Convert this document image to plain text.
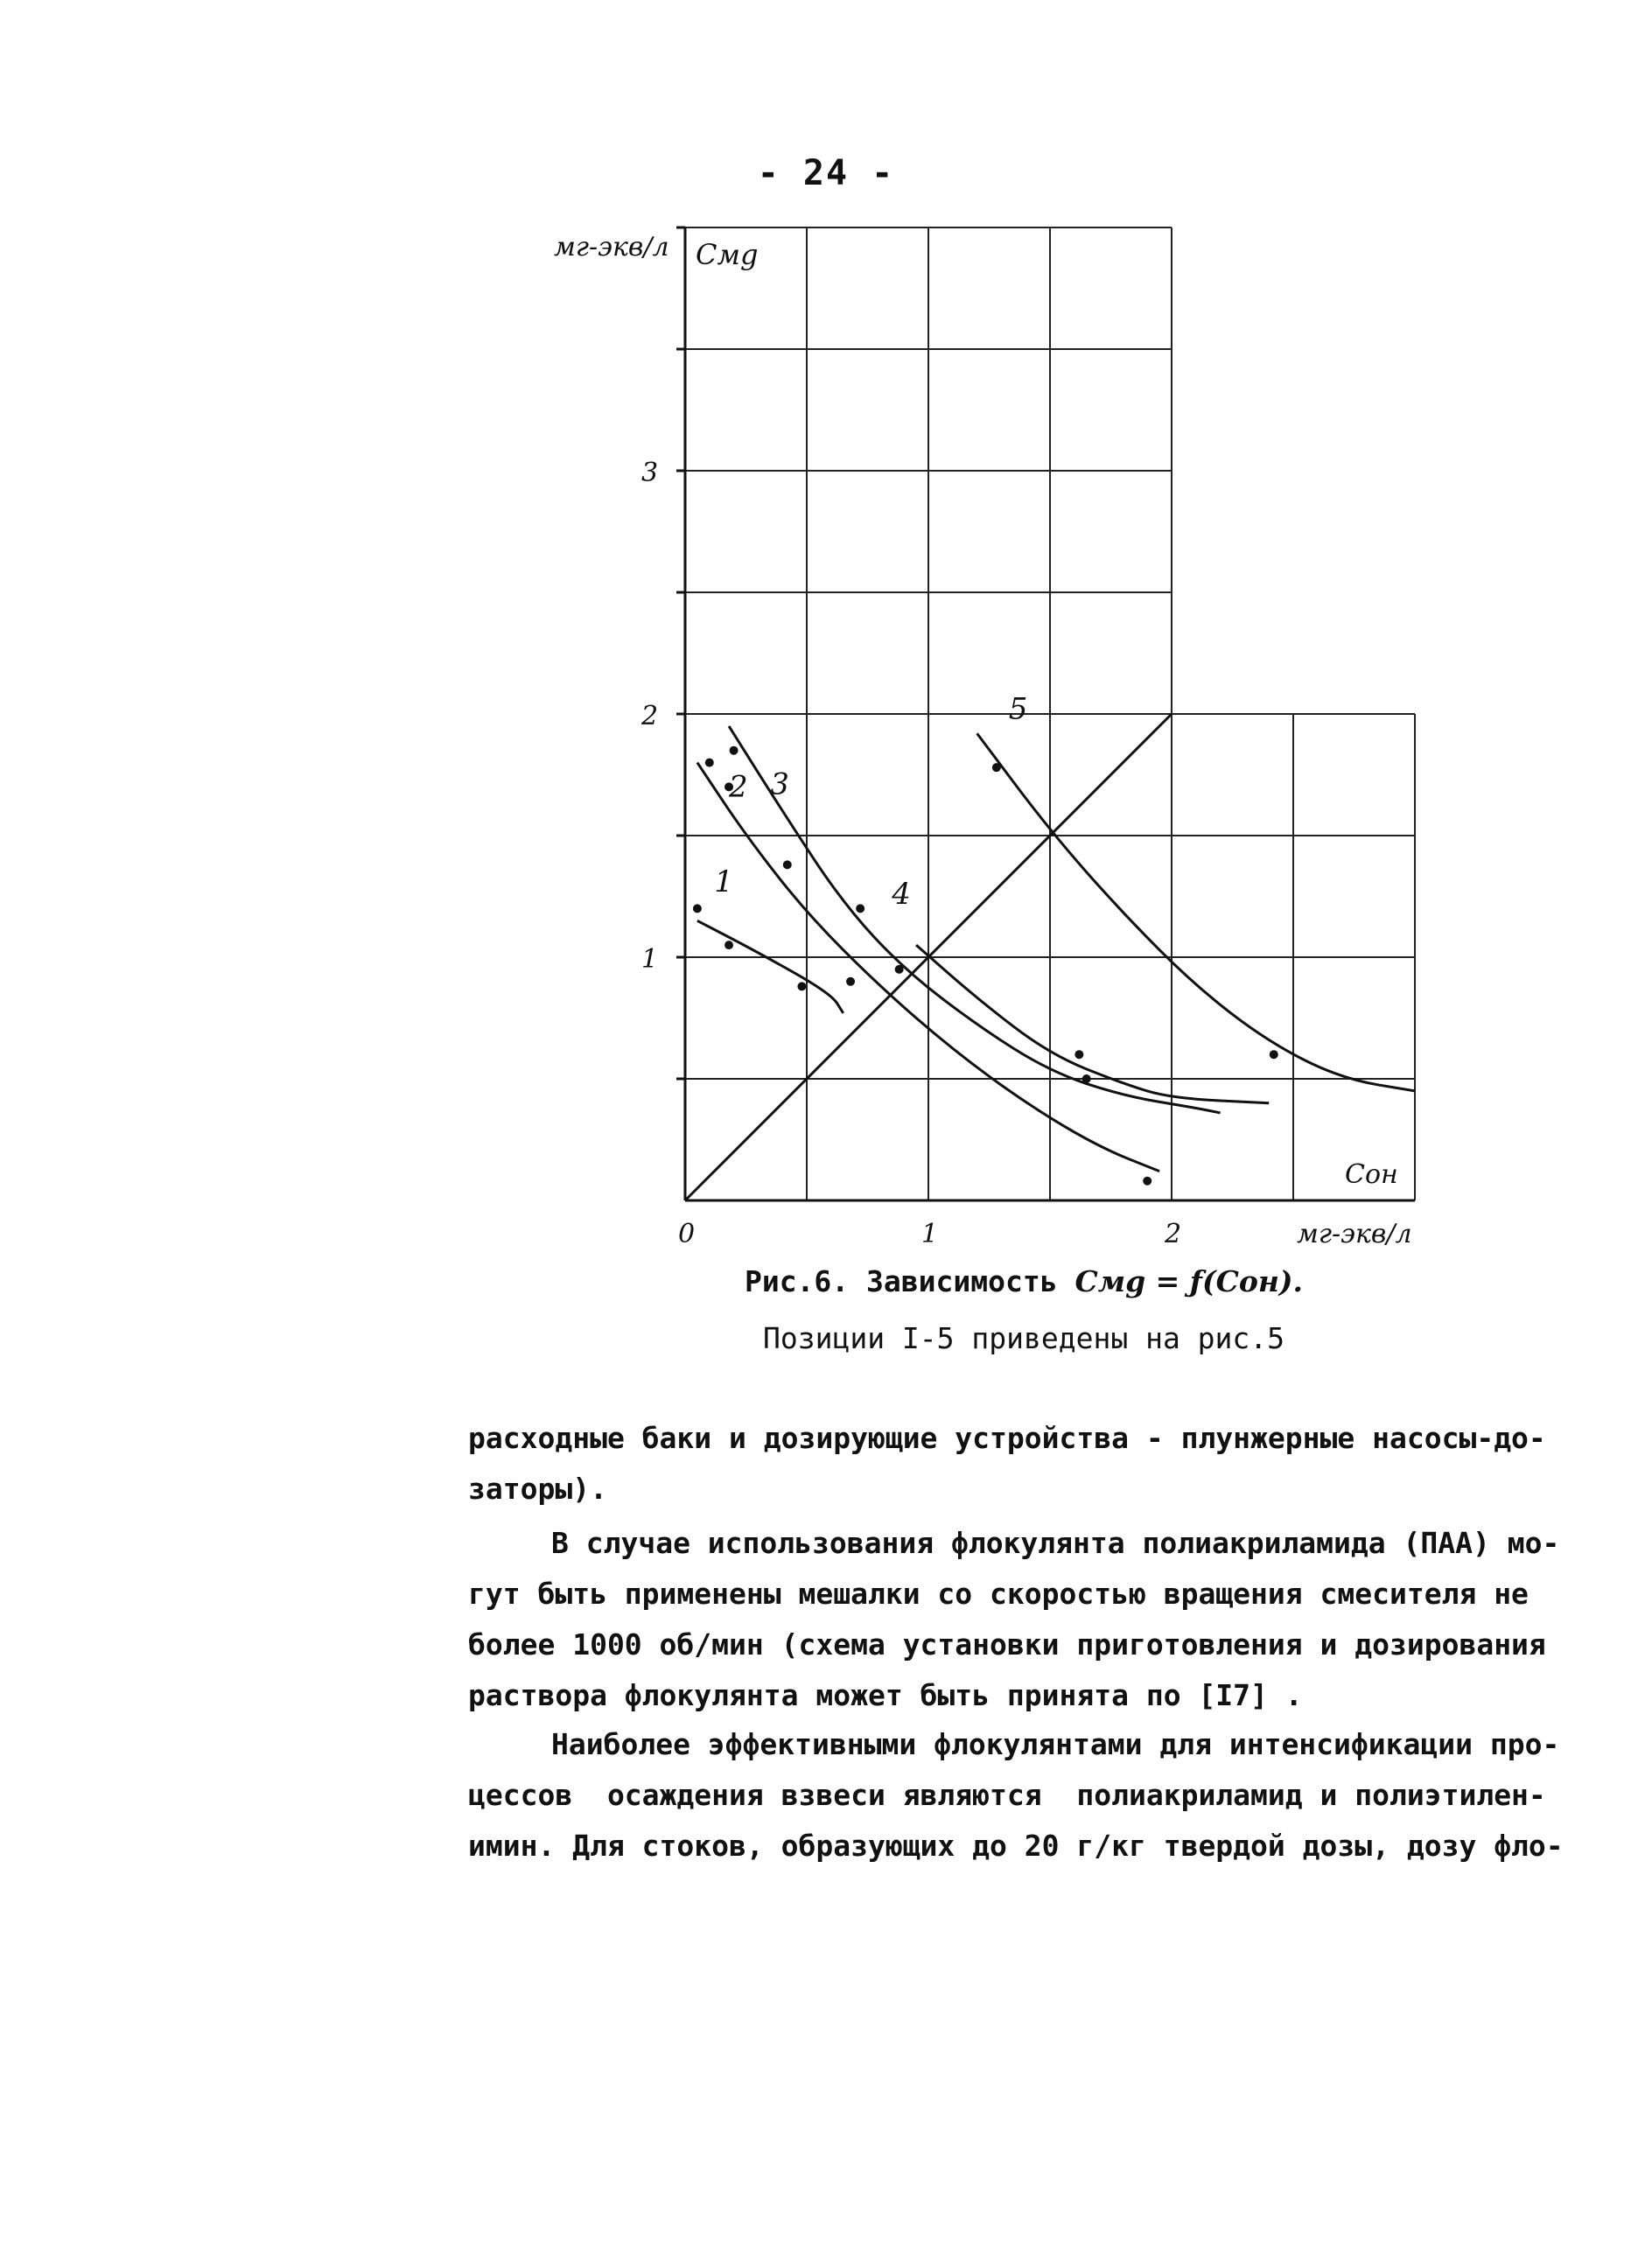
- 24 -
1
2 3
4
5
1
2
3
0	1	2
мг-экв/л Cмg
Cон
мг-экв/л
Рис.6. Зависимость Cмg = ƒ(Cон).
Позиции I-5 приведены на рис.5
расходные баки и дозирующие устройства - плунжерные насосы-до-
заторы).
В случае использования флокулянта полиакриламида (ПАА) мо-
гут быть применены мешалки со скоростью вращения смесителя не
более 1000 об/мин (схема установки приготовления и дозирования
раствора флокулянта может быть принята по [I7] .
Наиболее эффективными флокулянтами для интенсификации про-
цессов  осаждения взвеси являются  полиакриламид и полиэтилен-
имин. Для стоков, образующих до 20 г/кг твердой дозы, дозу фло-
